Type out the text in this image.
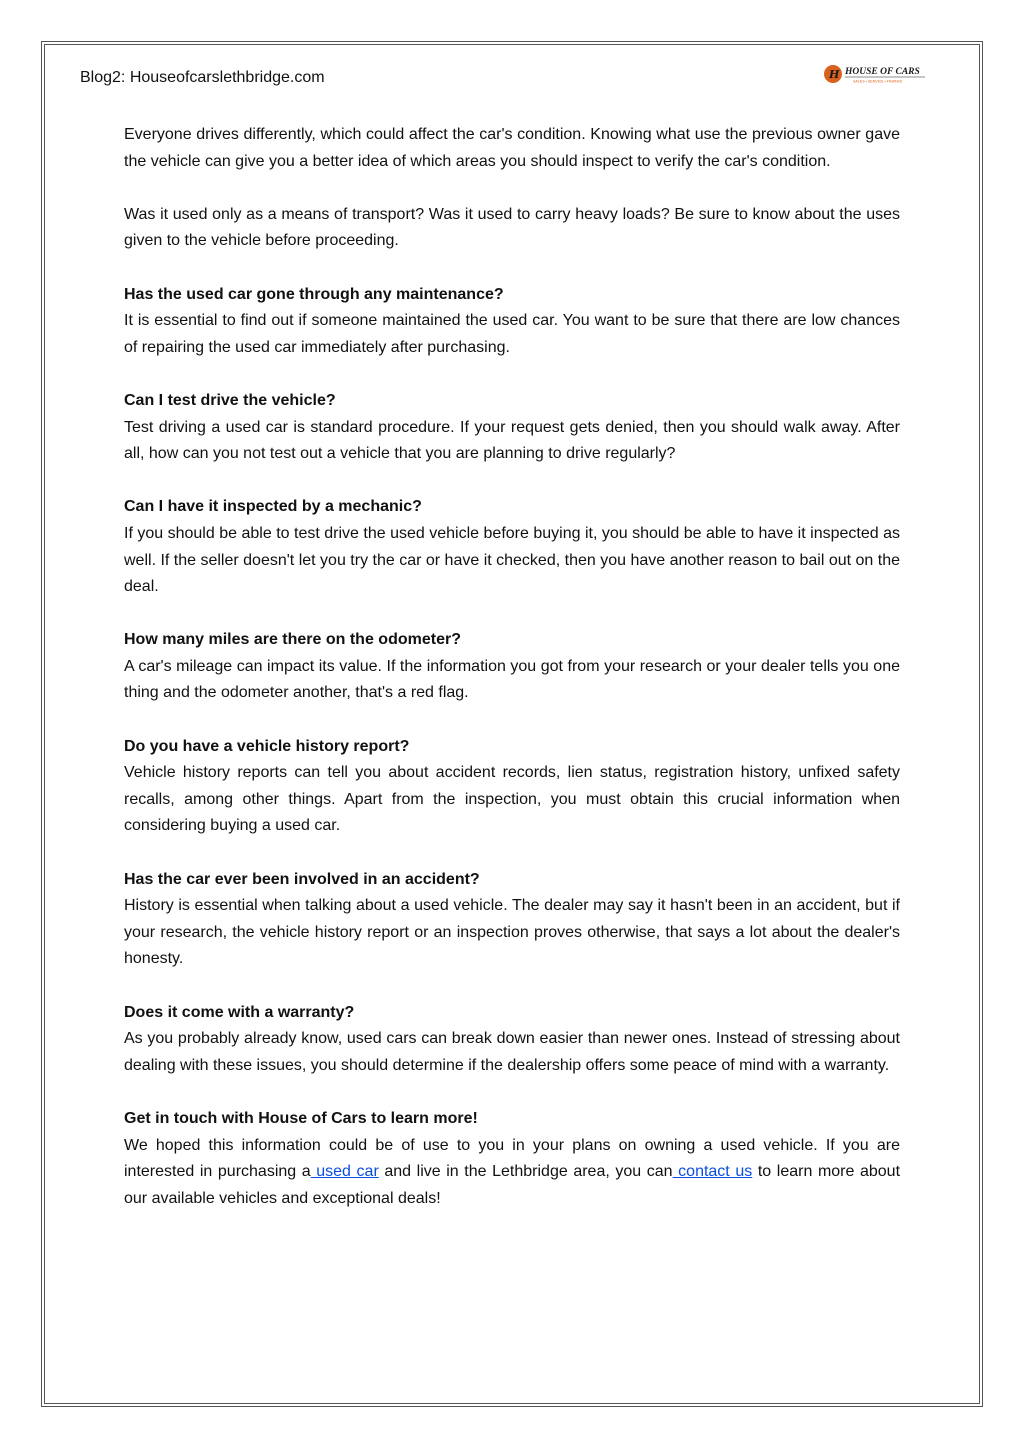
Blog2: Houseofcarslethbridge.com	H HOUSE OF CARS
SALES • SERVICE • FINANCE

Everyone drives differently, which could affect the car's condition. Knowing what use the previous owner gave the vehicle can give you a better idea of which areas you should inspect to verify the car's condition.

Was it used only as a means of transport? Was it used to carry heavy loads? Be sure to know about the uses given to the vehicle before proceeding.

Has the used car gone through any maintenance?

It is essential to find out if someone maintained the used car. You want to be sure that there are low chances of repairing the used car immediately after purchasing.

Can I test drive the vehicle?

Test driving a used car is standard procedure. If your request gets denied, then you should walk away. After all, how can you not test out a vehicle that you are planning to drive regularly?

Can I have it inspected by a mechanic?

If you should be able to test drive the used vehicle before buying it, you should be able to have it inspected as well. If the seller doesn't let you try the car or have it checked, then you have another reason to bail out on the deal.

How many miles are there on the odometer?

A car's mileage can impact its value. If the information you got from your research or your dealer tells you one thing and the odometer another, that's a red flag.

Do you have a vehicle history report?

Vehicle history reports can tell you about accident records, lien status, registration history, unfixed safety recalls, among other things. Apart from the inspection, you must obtain this crucial information when considering buying a used car.

Has the car ever been involved in an accident?

History is essential when talking about a used vehicle. The dealer may say it hasn't been in an accident, but if your research, the vehicle history report or an inspection proves otherwise, that says a lot about the dealer's honesty.

Does it come with a warranty?

As you probably already know, used cars can break down easier than newer ones. Instead of stressing about dealing with these issues, you should determine if the dealership offers some peace of mind with a warranty.

Get in touch with House of Cars to learn more!

We hoped this information could be of use to you in your plans on owning a used vehicle. If you are interested in purchasing a used car and live in the Lethbridge area, you can contact us to learn more about our available vehicles and exceptional deals!
